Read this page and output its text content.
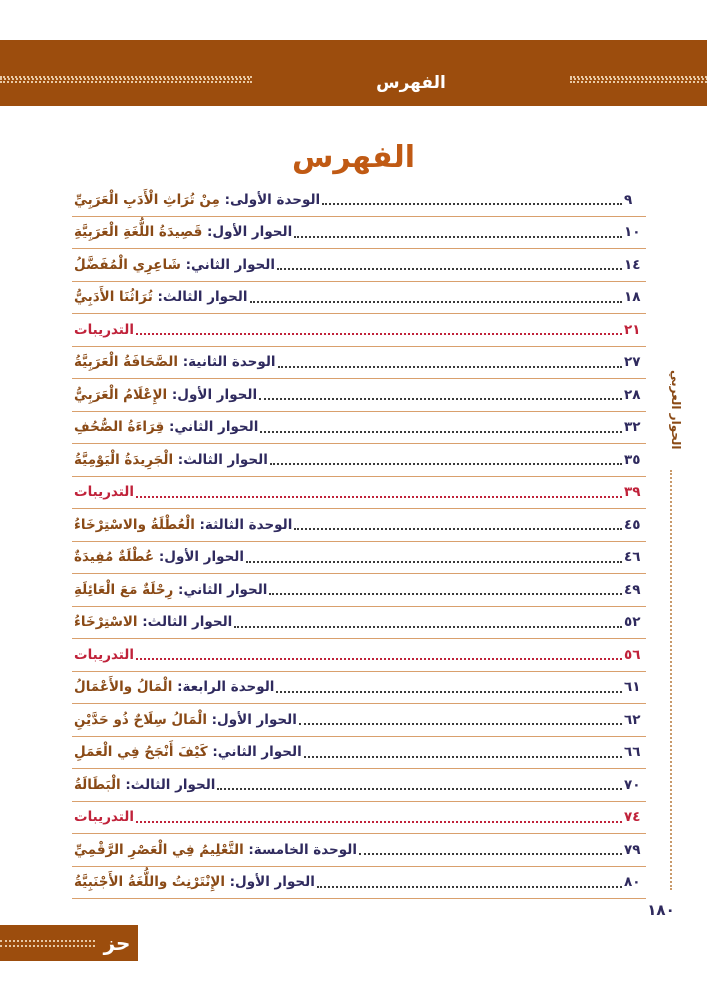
الفهرس
الفهرس
الوحدة الأولى: مِنْ تُرَاثِ الْأَدَبِ الْعَرَبِيِّ	٩
الحوار الأول: قَصِيدَةُ اللُّغَةِ الْعَرَبِيَّةِ	١٠
الحوار الثاني: شَاعِرِي الْمُفَضَّلُ	١٤
الحوار الثالث: تُرَاثُنَا الأَدَبِيُّ	١٨
التدريبات	٢١
الوحدة الثانية: الصَّحَافَةُ الْعَرَبِيَّةُ	٢٧
الحوار الأول: الإِعْلَامُ الْعَرَبِيُّ	٢٨
الحوار الثاني: قِرَاءَةُ الصُّحُفِ	٣٢
الحوار الثالث: الْجَرِيدَةُ الْيَوْمِيَّةُ	٣٥
التدريبات	٣٩
الوحدة الثالثة: الْعُطْلَةُ والاسْتِرْخَاءُ	٤٥
الحوار الأول: عُطْلَةٌ مُفِيدَةٌ	٤٦
الحوار الثاني: رِحْلَةٌ مَعَ الْعَائِلَةِ	٤٩
الحوار الثالث: الاسْتِرْخَاءُ	٥٢
التدريبات	٥٦
الوحدة الرابعة: الْمَالُ والأَعْمَالُ	٦١
الحوار الأول: الْمَالُ سِلَاحٌ ذُو حَدَّيْنِ	٦٢
الحوار الثاني: كَيْفَ أَنْجَحُ فِي الْعَمَلِ	٦٦
الحوار الثالث: الْبَطَالَةُ	٧٠
التدريبات	٧٤
الوحدة الخامسة: التَّعْلِيمُ فِي الْعَصْرِ الرَّقْمِيِّ	٧٩
الحوار الأول: الإِنْتَرْنِتُ واللُّغَةُ الأَجْنَبِيَّةُ	٨٠
الحوار العربي
١٨٠
حز
